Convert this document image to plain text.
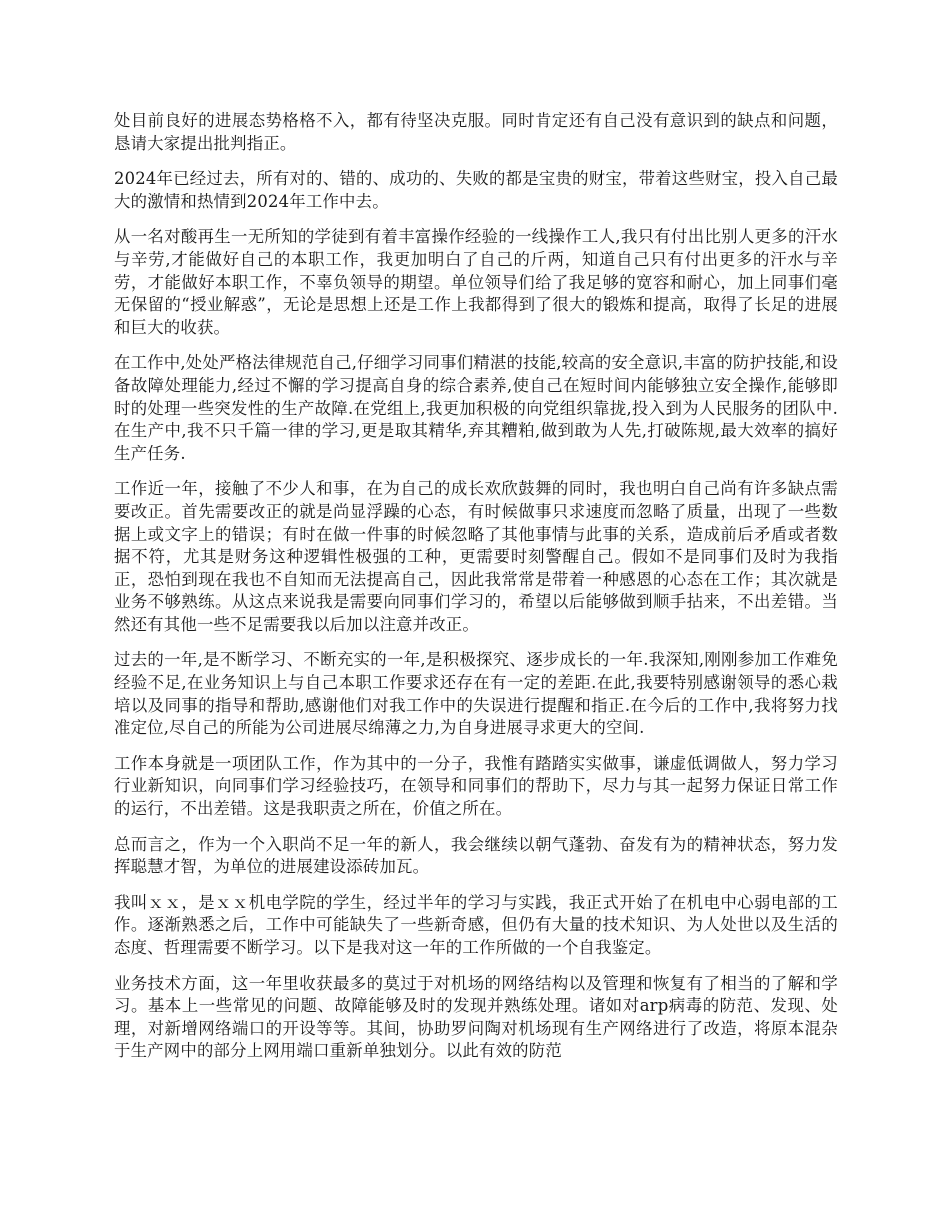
处目前良好的进展态势格格不入，都有待坚决克服。同时肯定还有自己没有意识到的缺点和问题，恳请大家提出批判指正。

2024年已经过去，所有对的、错的、成功的、失败的都是宝贵的财宝，带着这些财宝，投入自己最大的激情和热情到2024年工作中去。

从一名对酸再生一无所知的学徒到有着丰富操作经验的一线操作工人,我只有付出比别人更多的汗水与辛劳,才能做好自己的本职工作，我更加明白了自己的斤两，知道自己只有付出更多的汗水与辛劳，才能做好本职工作，不辜负领导的期望。单位领导们给了我足够的宽容和耐心，加上同事们毫无保留的“授业解惑”，无论是思想上还是工作上我都得到了很大的锻炼和提高，取得了长足的进展和巨大的收获。

在工作中,处处严格法律规范自己,仔细学习同事们精湛的技能,较高的安全意识,丰富的防护技能,和设备故障处理能力,经过不懈的学习提高自身的综合素养,使自己在短时间内能够独立安全操作,能够即时的处理一些突发性的生产故障.在党组上,我更加积极的向党组织靠拢,投入到为人民服务的团队中.在生产中,我不只千篇一律的学习,更是取其精华,弃其糟粕,做到敢为人先,打破陈规,最大效率的搞好生产任务.

工作近一年，接触了不少人和事，在为自己的成长欢欣鼓舞的同时，我也明白自己尚有许多缺点需要改正。首先需要改正的就是尚显浮躁的心态，有时候做事只求速度而忽略了质量，出现了一些数据上或文字上的错误；有时在做一件事的时候忽略了其他事情与此事的关系，造成前后矛盾或者数据不符，尤其是财务这种逻辑性极强的工种，更需要时刻警醒自己。假如不是同事们及时为我指正，恐怕到现在我也不自知而无法提高自己，因此我常常是带着一种感恩的心态在工作；其次就是业务不够熟练。从这点来说我是需要向同事们学习的，希望以后能够做到顺手拈来，不出差错。当然还有其他一些不足需要我以后加以注意并改正。

过去的一年,是不断学习、不断充实的一年,是积极探究、逐步成长的一年.我深知,刚刚参加工作难免经验不足,在业务知识上与自己本职工作要求还存在有一定的差距.在此,我要特别感谢领导的悉心栽培以及同事的指导和帮助,感谢他们对我工作中的失误进行提醒和指正.在今后的工作中,我将努力找准定位,尽自己的所能为公司进展尽绵薄之力,为自身进展寻求更大的空间.

工作本身就是一项团队工作，作为其中的一分子，我惟有踏踏实实做事，谦虚低调做人，努力学习行业新知识，向同事们学习经验技巧，在领导和同事们的帮助下，尽力与其一起努力保证日常工作的运行，不出差错。这是我职责之所在，价值之所在。

总而言之，作为一个入职尚不足一年的新人，我会继续以朝气蓬勃、奋发有为的精神状态，努力发挥聪慧才智，为单位的进展建设添砖加瓦。

我叫ｘｘ，是ｘｘ机电学院的学生，经过半年的学习与实践，我正式开始了在机电中心弱电部的工作。逐渐熟悉之后，工作中可能缺失了一些新奇感，但仍有大量的技术知识、为人处世以及生活的态度、哲理需要不断学习。以下是我对这一年的工作所做的一个自我鉴定。

业务技术方面，这一年里收获最多的莫过于对机场的网络结构以及管理和恢复有了相当的了解和学习。基本上一些常见的问题、故障能够及时的发现并熟练处理。诸如对arp病毒的防范、发现、处理，对新增网络端口的开设等等。其间，协助罗问陶对机场现有生产网络进行了改造，将原本混杂于生产网中的部分上网用端口重新单独划分。以此有效的防范
